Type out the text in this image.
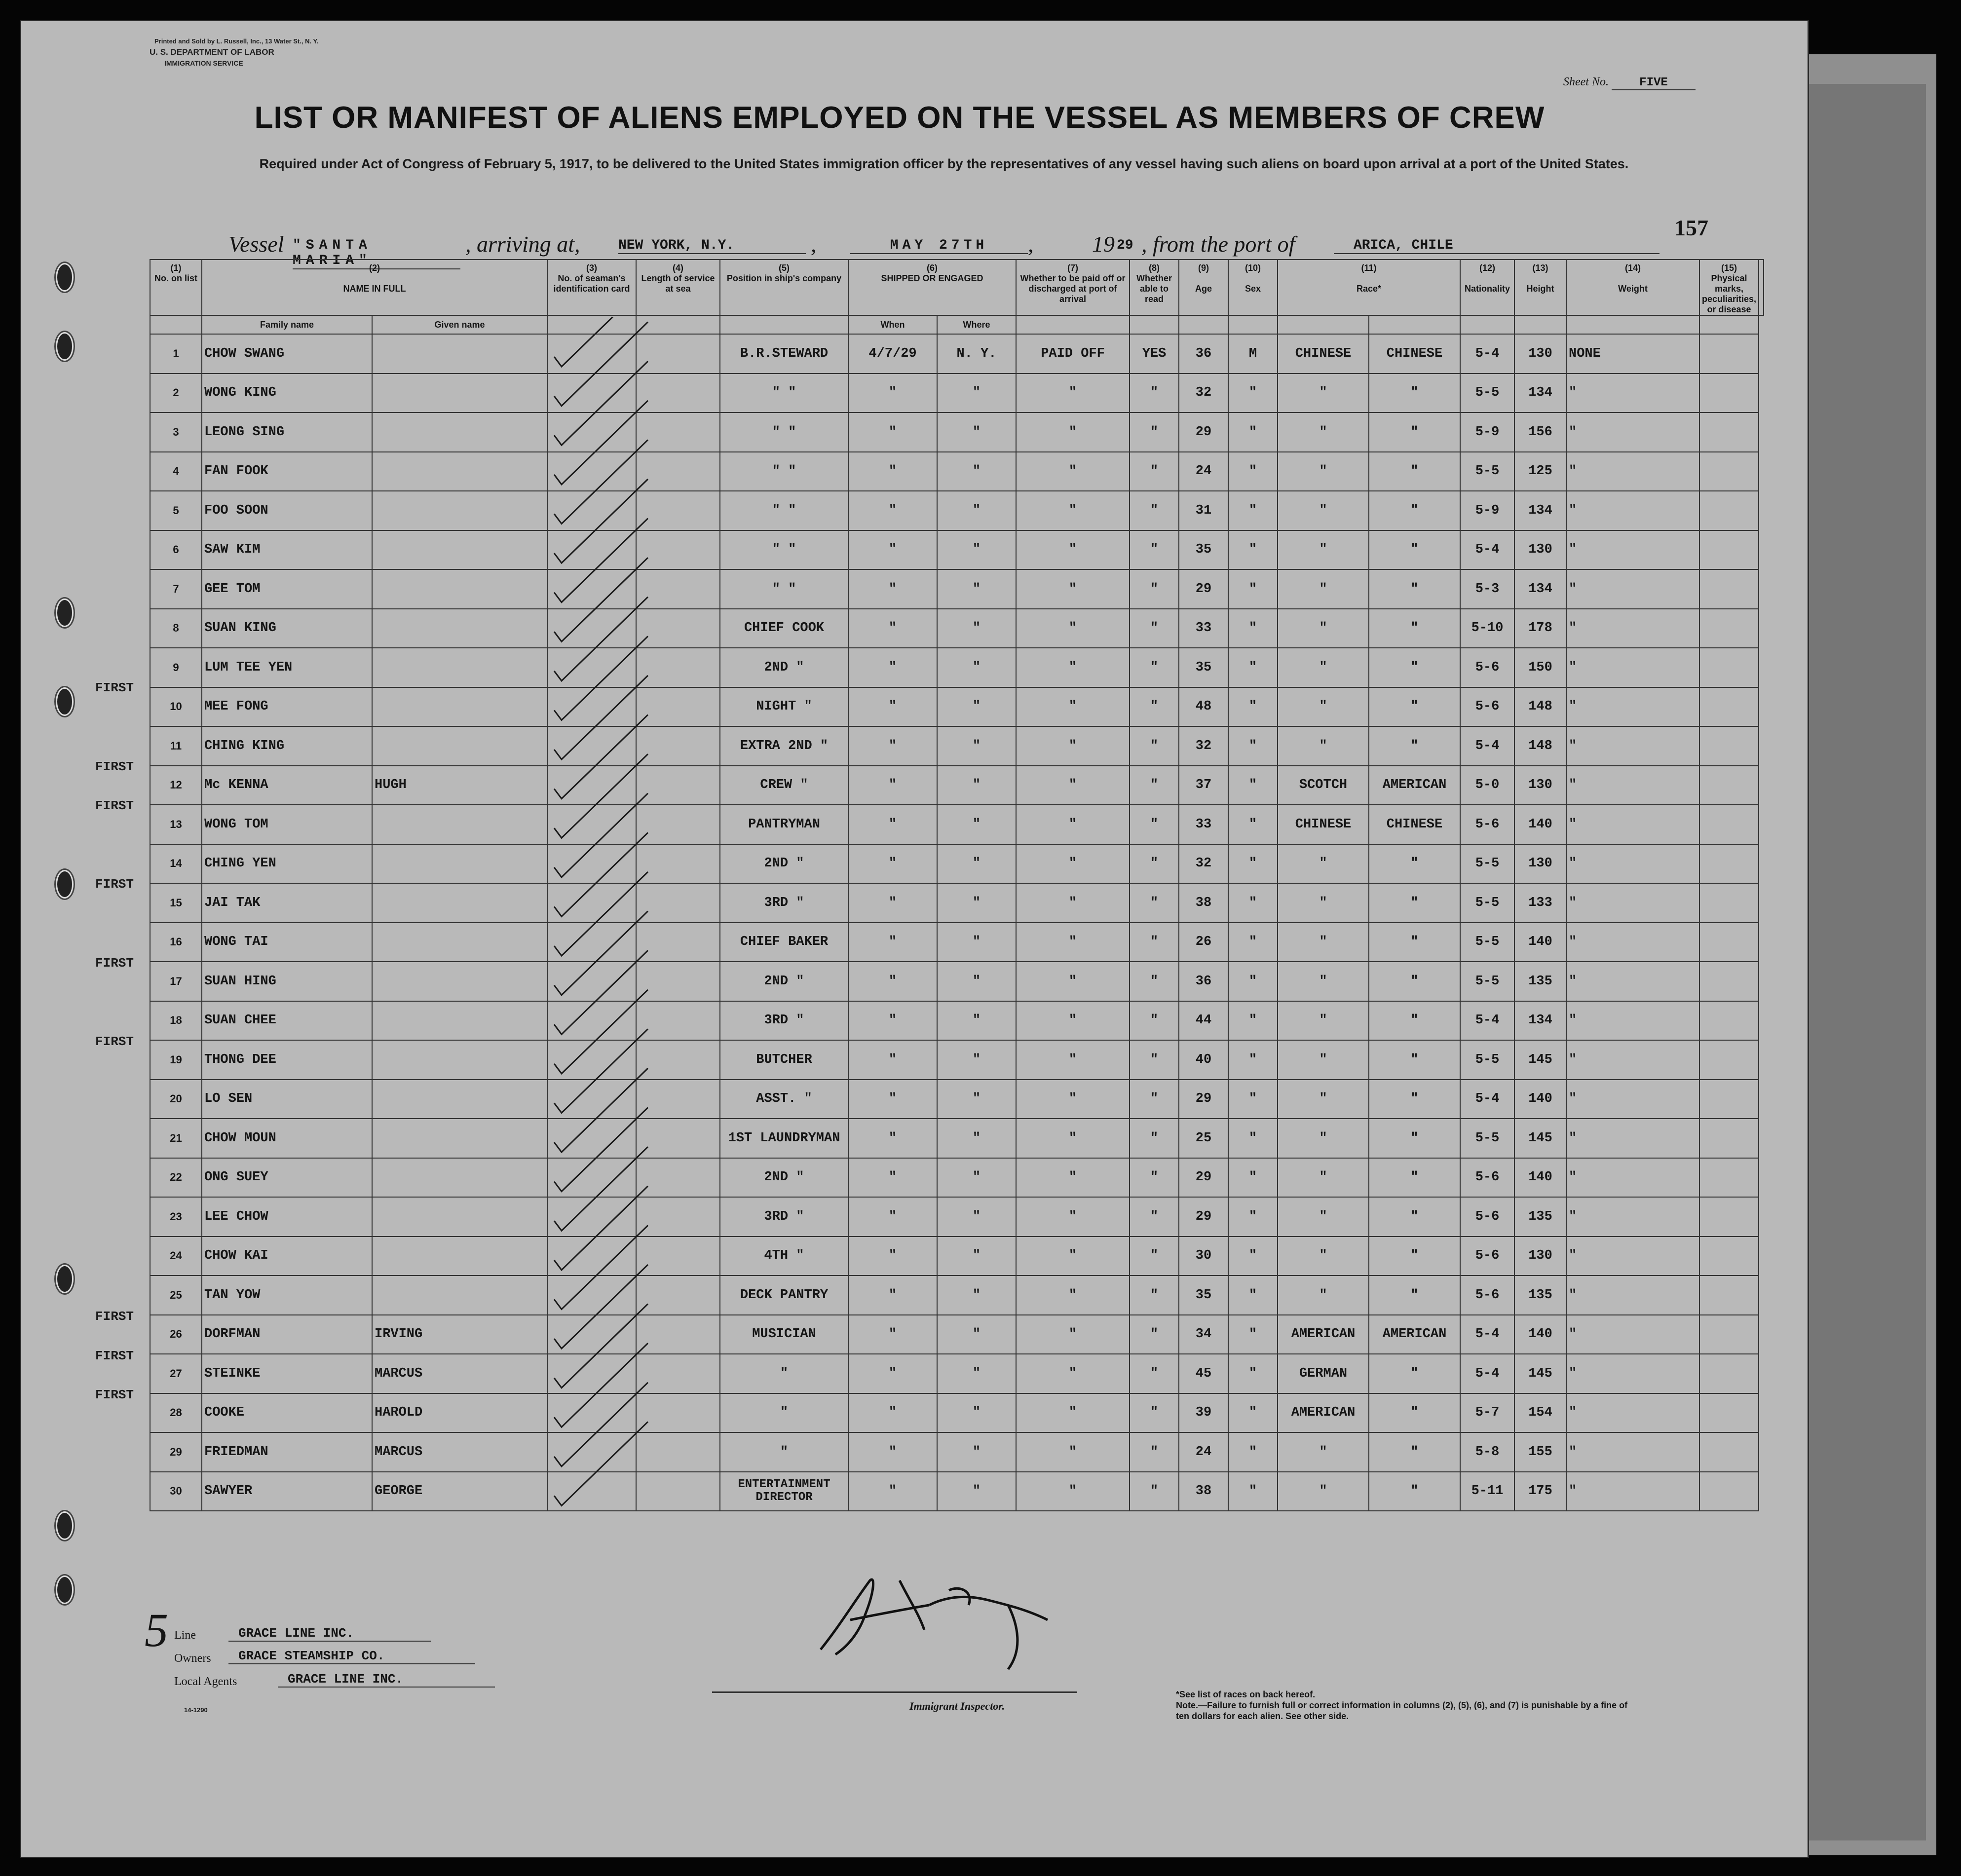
Printed and Sold by L. Russell, Inc., 13 Water St., N. Y.
U. S. DEPARTMENT OF LABOR
IMMIGRATION SERVICE
Sheet No.	FIVE
LIST OR MANIFEST OF ALIENS EMPLOYED ON THE VESSEL AS MEMBERS OF CREW
Required under Act of Congress of February 5, 1917, to be delivered to the United States immigration officer by the representatives of any vessel having such aliens on board upon arrival at a port of the United States.
157
Vessel "SANTA MARIA"
, arriving at,	NEW YORK, N.Y.	,	MAY 27TH	,	19 29 , from the port of	ARICA, CHILE
(1)
No. on list	(2)

NAME IN FULL		(3)
No. of seaman's identification card	(4)
Length of service at sea	(5)
Position in ship's company	(6)
SHIPPED OR ENGAGED		(7)
Whether to be paid off or discharged at port of arrival	(8)
Whether able to read	(9)

Age	(10)

Sex	(11)

Race*		(12)

Nationality	(13)

Height	(14)

Weight	(15)
Physical marks, peculiarities, or disease	
	Family name	Given name				When	Where											
1	CHOW SWANG				B.R.STEWARD	4/7/29	N. Y.	PAID OFF	YES	36	M	CHINESE	CHINESE	5-4	130	NONE		
2	WONG KING				" "	"	"	"	"	32	"	"	"	5-5	134	"		
3	LEONG SING				" "	"	"	"	"	29	"	"	"	5-9	156	"		
4	FAN FOOK				" "	"	"	"	"	24	"	"	"	5-5	125	"		
5	FOO SOON				" "	"	"	"	"	31	"	"	"	5-9	134	"		
6	SAW KIM				" "	"	"	"	"	35	"	"	"	5-4	130	"		
7	GEE TOM				" "	"	"	"	"	29	"	"	"	5-3	134	"		
8	SUAN KING				CHIEF COOK	"	"	"	"	33	"	"	"	5-10	178	"		
9	LUM TEE YEN				2ND "	"	"	"	"	35	"	"	"	5-6	150	"		
10	MEE FONG				NIGHT "	"	"	"	"	48	"	"	"	5-6	148	"		
11	CHING KING				EXTRA 2ND "	"	"	"	"	32	"	"	"	5-4	148	"		
12	Mc KENNA	HUGH			CREW "	"	"	"	"	37	"	SCOTCH	AMERICAN	5-0	130	"		
13	WONG TOM				PANTRYMAN	"	"	"	"	33	"	CHINESE	CHINESE	5-6	140	"		
14	CHING YEN				2ND "	"	"	"	"	32	"	"	"	5-5	130	"		
15	JAI TAK				3RD "	"	"	"	"	38	"	"	"	5-5	133	"		
16	WONG TAI				CHIEF BAKER	"	"	"	"	26	"	"	"	5-5	140	"		
17	SUAN HING				2ND "	"	"	"	"	36	"	"	"	5-5	135	"		
18	SUAN CHEE				3RD "	"	"	"	"	44	"	"	"	5-4	134	"		
19	THONG DEE				BUTCHER	"	"	"	"	40	"	"	"	5-5	145	"		
20	LO SEN				ASST. "	"	"	"	"	29	"	"	"	5-4	140	"		
21	CHOW MOUN				1ST LAUNDRYMAN	"	"	"	"	25	"	"	"	5-5	145	"		
22	ONG SUEY				2ND "	"	"	"	"	29	"	"	"	5-6	140	"		
23	LEE CHOW				3RD "	"	"	"	"	29	"	"	"	5-6	135	"		
24	CHOW KAI				4TH "	"	"	"	"	30	"	"	"	5-6	130	"		
25	TAN YOW				DECK PANTRY	"	"	"	"	35	"	"	"	5-6	135	"		
26	DORFMAN	IRVING			MUSICIAN	"	"	"	"	34	"	AMERICAN	AMERICAN	5-4	140	"		
27	STEINKE	MARCUS			"	"	"	"	"	45	"	GERMAN	"	5-4	145	"		
28	COOKE	HAROLD			"	"	"	"	"	39	"	AMERICAN	"	5-7	154	"		
29	FRIEDMAN	MARCUS			"	"	"	"	"	24	"	"	"	5-8	155	"		
30	SAWYER	GEORGE			ENTERTAINMENT DIRECTOR	"	"	"	"	38	"	"	"	5-11	175	"		
FIRST
FIRST
FIRST
FIRST
FIRST
FIRST
FIRST
FIRST
FIRST
5 Line	GRACE LINE INC.
Owners	GRACE STEAMSHIP CO.
Local Agents	GRACE LINE INC.
14-1290	Immigrant Inspector.
*See list of races on back hereof.
Note.—Failure to furnish full or correct information in columns (2), (5), (6), and (7) is punishable by a fine of ten dollars for each alien. See other side.
